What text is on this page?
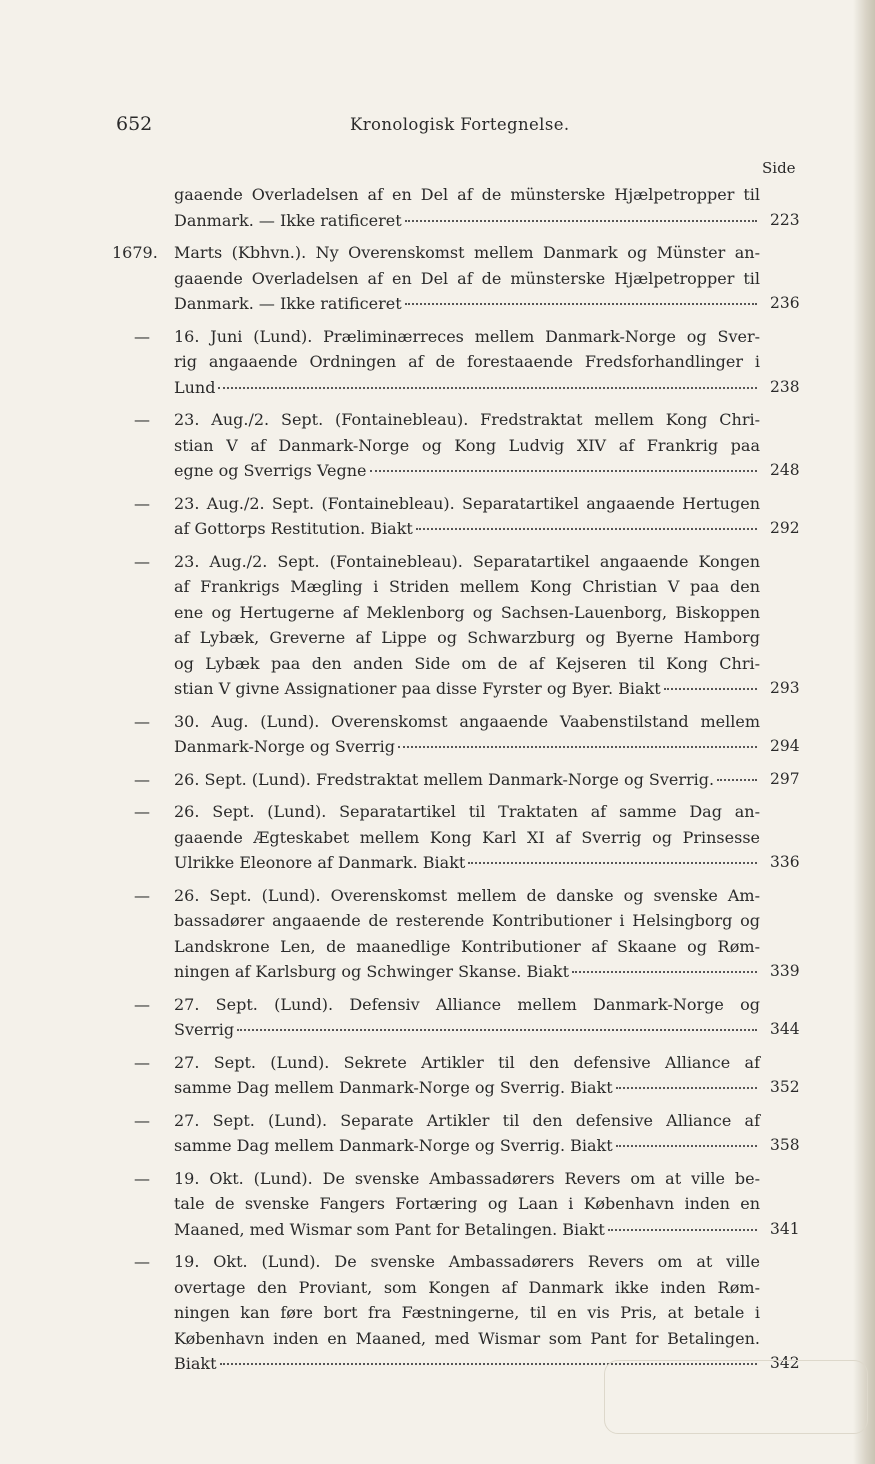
652	Kronologisk Fortegnelse.
Side
gaaende Overladelsen af en Del af de münsterske Hjælpetropper til
Danmark. — Ikke ratificeret	223
1679.	Marts (Kbhvn.). Ny Overenskomst mellem Danmark og Münster an-
gaaende Overladelsen af en Del af de münsterske Hjælpetropper til
Danmark. — Ikke ratificeret	236
—	16. Juni (Lund). Præliminærreces mellem Danmark-Norge og Sver-
rig angaaende Ordningen af de forestaaende Fredsforhandlinger i
Lund	238
—	23. Aug./2. Sept. (Fontainebleau). Fredstraktat mellem Kong Chri-
stian V af Danmark-Norge og Kong Ludvig XIV af Frankrig paa
egne og Sverrigs Vegne	248
—	23. Aug./2. Sept. (Fontainebleau). Separatartikel angaaende Hertugen
af Gottorps Restitution. Biakt	292
—	23. Aug./2. Sept. (Fontainebleau). Separatartikel angaaende Kongen
af Frankrigs Mægling i Striden mellem Kong Christian V paa den
ene og Hertugerne af Meklenborg og Sachsen-Lauenborg, Biskoppen
af Lybæk, Greverne af Lippe og Schwarzburg og Byerne Hamborg
og Lybæk paa den anden Side om de af Kejseren til Kong Chri-
stian V givne Assignationer paa disse Fyrster og Byer. Biakt	293
—	30. Aug. (Lund). Overenskomst angaaende Vaabenstilstand mellem
Danmark-Norge og Sverrig	294
—	26. Sept. (Lund). Fredstraktat mellem Danmark-Norge og Sverrig.	297
—	26. Sept. (Lund). Separatartikel til Traktaten af samme Dag an-
gaaende Ægteskabet mellem Kong Karl XI af Sverrig og Prinsesse
Ulrikke Eleonore af Danmark. Biakt	336
—	26. Sept. (Lund). Overenskomst mellem de danske og svenske Am-
bassadører angaaende de resterende Kontributioner i Helsingborg og
Landskrone Len, de maanedlige Kontributioner af Skaane og Røm-
ningen af Karlsburg og Schwinger Skanse. Biakt	339
—	27. Sept. (Lund). Defensiv Alliance mellem Danmark-Norge og
Sverrig	344
—	27. Sept. (Lund). Sekrete Artikler til den defensive Alliance af
samme Dag mellem Danmark-Norge og Sverrig. Biakt	352
—	27. Sept. (Lund). Separate Artikler til den defensive Alliance af
samme Dag mellem Danmark-Norge og Sverrig. Biakt	358
—	19. Okt. (Lund). De svenske Ambassadørers Revers om at ville be-
tale de svenske Fangers Fortæring og Laan i København inden en
Maaned, med Wismar som Pant for Betalingen. Biakt	341
—	19. Okt. (Lund). De svenske Ambassadørers Revers om at ville
overtage den Proviant, som Kongen af Danmark ikke inden Røm-
ningen kan føre bort fra Fæstningerne, til en vis Pris, at betale i
København inden en Maaned, med Wismar som Pant for Betalingen.
Biakt	342
